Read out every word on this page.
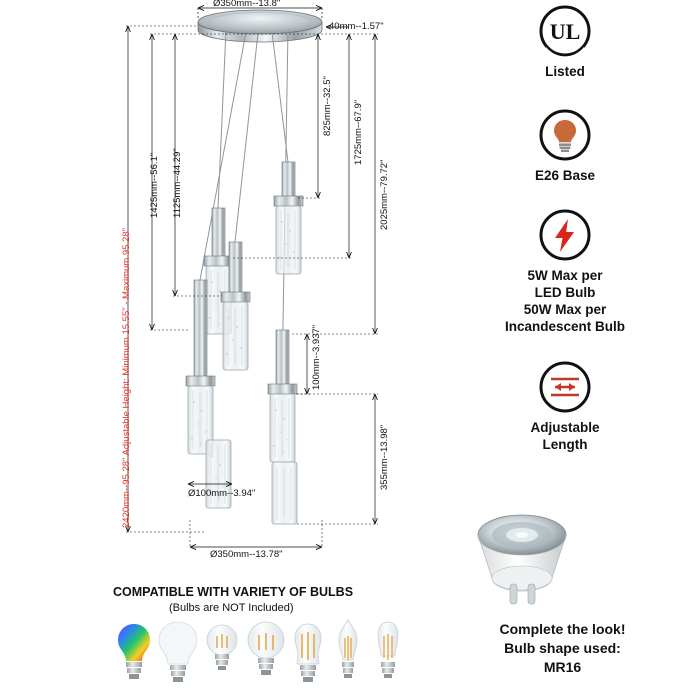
Ø350mm--13.8"
40mm--1.57"
825mm--32.5" 1725mm--67.9"
2025mm--79.72"
1425mm--56.1" 1125mm--44.29"
100mm--3.937"
355mm--13.98"
Ø100mm--3.94"
Ø350mm--13.78"
2420mm--95.28" Adjustable Height: Minimum 15.55" - Maximum 95.28"
UL
Listed
E26 Base
5W Max per
LED Bulb
50W Max per
Incandescent Bulb
Adjustable
Length
Complete the look!
Bulb shape used:
MR16
COMPATIBLE WITH VARIETY OF BULBS
(Bulbs are NOT Included)
